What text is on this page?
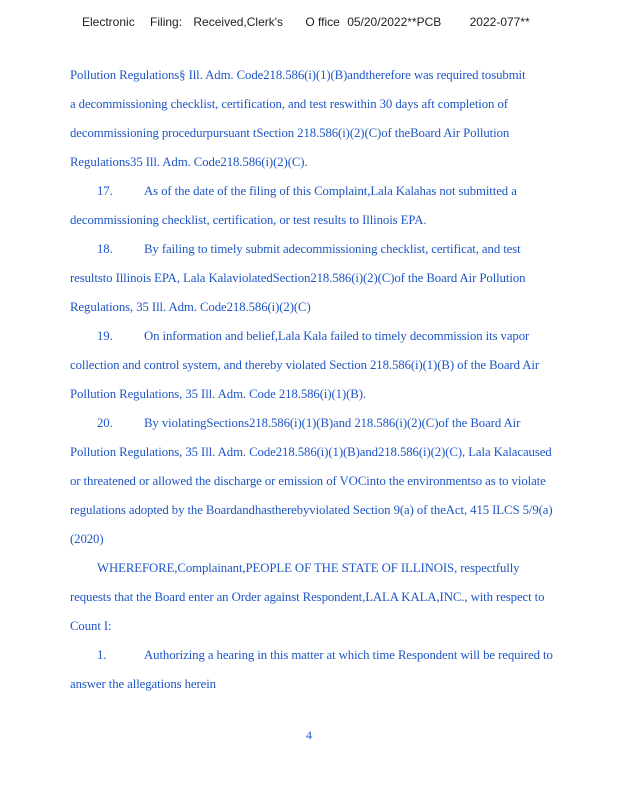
Electronic Filing: Received,Clerk's O ffice 05/20/2022**PCB 2022-077**
Pollution Regulations§ Ill. Adm. Code218.586(i)(1)(B)andtherefore was required tosubmit
a decommissioning checklist, certification, and test reswithin 30 days aft completion of
decommissioning procedurpursuant tSection 218.586(i)(2)(C)of theBoard Air Pollution
Regulations35 Ill. Adm. Code218.586(i)(2)(C).
17. As of the date of the filing of this Complaint,Lala Kalahas not submitted a
decommissioning checklist, certification, or test results to Illinois EPA.
18. By failing to timely submit adecommissioning checklist, certificat, and test
resultsto Illinois EPA, Lala KalaviolatedSection218.586(i)(2)(C)of the Board Air Pollution
Regulations, 35 Ill. Adm. Code218.586(i)(2)(C)
19. On information and belief,Lala Kala failed to timely decommission its vapor
collection and control system, and thereby violated Section 218.586(i)(1)(B) of the Board Air
Pollution Regulations, 35 Ill. Adm. Code 218.586(i)(1)(B).
20. By violatingSections218.586(i)(1)(B)and 218.586(i)(2)(C)of the Board Air
Pollution Regulations, 35 Ill. Adm. Code218.586(i)(1)(B)and218.586(i)(2)(C), Lala Kalacaused
or threatened or allowed the discharge or emission of VOCinto the environmentso as to violate
regulations adopted by the Boardandhastherebyviolated Section 9(a) of theAct, 415 ILCS 5/9(a)
(2020)
WHEREFORE,Complainant,PEOPLE OF THE STATE OF ILLINOIS, respectfully
requests that the Board enter an Order against Respondent,LALA KALA,INC., with respect to
Count I:
1.	Authorizing a hearing in this matter at which time Respondent will be required to
answer the allegations herein
4
